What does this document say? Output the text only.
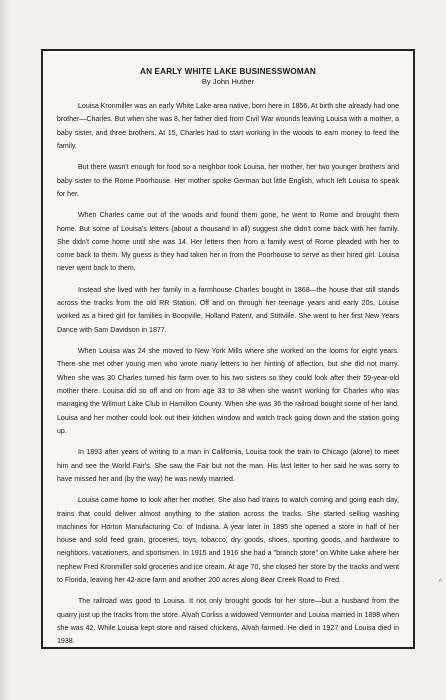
AN EARLY WHITE LAKE BUSINESSWOMAN
By John Huther

Louisa Kronmiller was an early White Lake area native, born here in 1856. At birth she already had one brother—Charles. But when she was 8, her father died from Civil War wounds leaving Louisa with a mother, a baby sister, and three brothers. At 15, Charles had to start working in the woods to earn money to feed the family.

But there wasn't enough for food so a neighbor took Louisa, her mother, her two younger brothers and baby sister to the Rome Poorhouse. Her mother spoke German but little English, which left Louisa to speak for her.

When Charles came out of the woods and found them gone, he went to Rome and brought them home. But some of Louisa's letters (about a thousand in all) suggest she didn't come back with her family. She didn't come home until she was 14. Her letters then from a family west of Rome pleaded with her to come back to them. My guess is they had taken her in from the Poorhouse to serve as their hired girl. Louisa never went back to them.

Instead she lived with her family in a farmhouse Charles bought in 1868—the house that still stands across the tracks from the old RR Station. Off and on through her teenage years and early 20s, Louise worked as a hired girl for families in Boonville, Holland Patent, and Stittville. She went to her first New Years Dance with Sam Davidson in 1877.

When Louisa was 24 she moved to New York Mills where she worked on the looms for eight years. There she met other young men who wrote many letters to her hinting of affection, but she did not marry. When she was 30 Charles turned his farm over to his two sisters so they could look after their 59-year-old mother there. Louisa did so off and on from age 33 to 38 when she wasn't working for Charles who was managing the Wilmurt Lake Club in Hamilton County. When she was 36 the railroad bought some of her land. Louisa and her mother could look out their kitchen window and watch track going down and the station going up.

In 1893 after years of writing to a man in California, Louisa took the train to Chicago (alone) to meet him and see the World Fair's. She saw the Fair but not the man. His last letter to her said he was sorry to have missed her and (by the way) he was newly married.

Louisa came home to look after her mother. She also had trains to watch coming and going each day, trains that could deliver almost anything to the station across the tracks. She started selling washing machines for Horton Manufacturing Co. of Indiana. A year later in 1895 she opened a store in half of her house and sold feed grain, groceries, toys, tobacco, dry goods, shoes, sporting goods, and hardware to neighbors, vacationers, and sportsmen. In 1915 and 1916 she had a "branch store" on White Lake where her nephew Fred Kronmiller sold groceries and ice cream. At age 70, she closed her store by the tracks and went to Florida, leaving her 42-acre farm and another 200 acres along Bear Creek Road to Fred.

The railroad was good to Louisa. It not only brought goods for her store—but a husband from the quarry just up the tracks from the store. Alvah Corliss a widowed Vermonter and Louisa married in 1898 when she was 42. While Louisa kept store and raised chickens, Alvah farmed. He died in 1927 and Louisa died in 1938.

^
